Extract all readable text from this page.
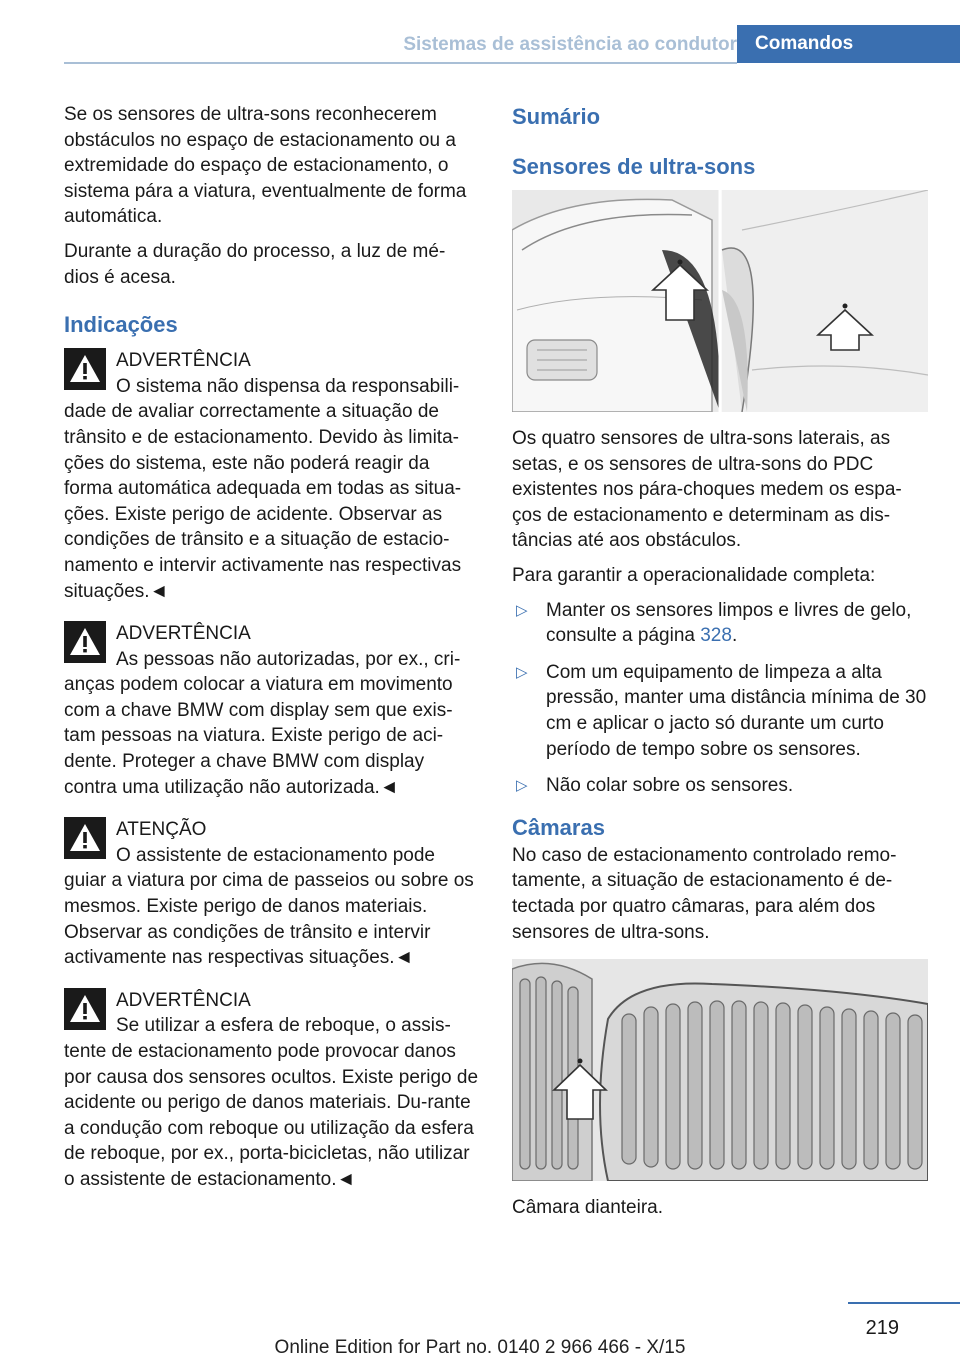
Sistemas de assistência ao condutor Comandos

Se os sensores de ultra-sons reconhecerem obstáculos no espaço de estacionamento ou a extremidade do espaço de estacionamento, o sistema pára a viatura, eventualmente de forma automática.

Durante a duração do processo, a luz de mé-dios é acesa.

Indicações
ADVERTÊNCIA
O sistema não dispensa da responsabili-
dade de avaliar correctamente a situação de trânsito e de estacionamento. Devido às limita-ções do sistema, este não poderá reagir da forma automática adequada em todas as situa-ções. Existe perigo de acidente. Observar as condições de trânsito e a situação de estacio-namento e intervir activamente nas respectivas situações.◄
ADVERTÊNCIA
As pessoas não autorizadas, por ex., cri-
anças podem colocar a viatura em movimento com a chave BMW com display sem que exis-tam pessoas na viatura. Existe perigo de aci-dente. Proteger a chave BMW com display contra uma utilização não autorizada.◄
ATENÇÃO
O assistente de estacionamento pode
guiar a viatura por cima de passeios ou sobre os mesmos. Existe perigo de danos materiais. Observar as condições de trânsito e intervir activamente nas respectivas situações.◄
ADVERTÊNCIA
Se utilizar a esfera de reboque, o assis-
tente de estacionamento pode provocar danos por causa dos sensores ocultos. Existe perigo de acidente ou perigo de danos materiais. Du-rante a condução com reboque ou utilização da esfera de reboque, por ex., porta-bicicletas, não utilizar o assistente de estacionamento.◄
Sumário
Sensores de ultra-sons

Os quatro sensores de ultra-sons laterais, as setas, e os sensores de ultra-sons do PDC existentes nos pára-choques medem os espa-ços de estacionamento e determinam as dis-tâncias até aos obstáculos.

Para garantir a operacionalidade completa:

▷ Manter os sensores limpos e livres de gelo, consulte a página 328.
▷ Com um equipamento de limpeza a alta pressão, manter uma distância mínima de 30 cm e aplicar o jacto só durante um curto período de tempo sobre os sensores.
▷ Não colar sobre os sensores.
Câmaras

No caso de estacionamento controlado remo-tamente, a situação de estacionamento é de-tectada por quatro câmaras, para além dos sensores de ultra-sons.

Câmara dianteira.

219
Online Edition for Part no. 0140 2 966 466 - X/15
